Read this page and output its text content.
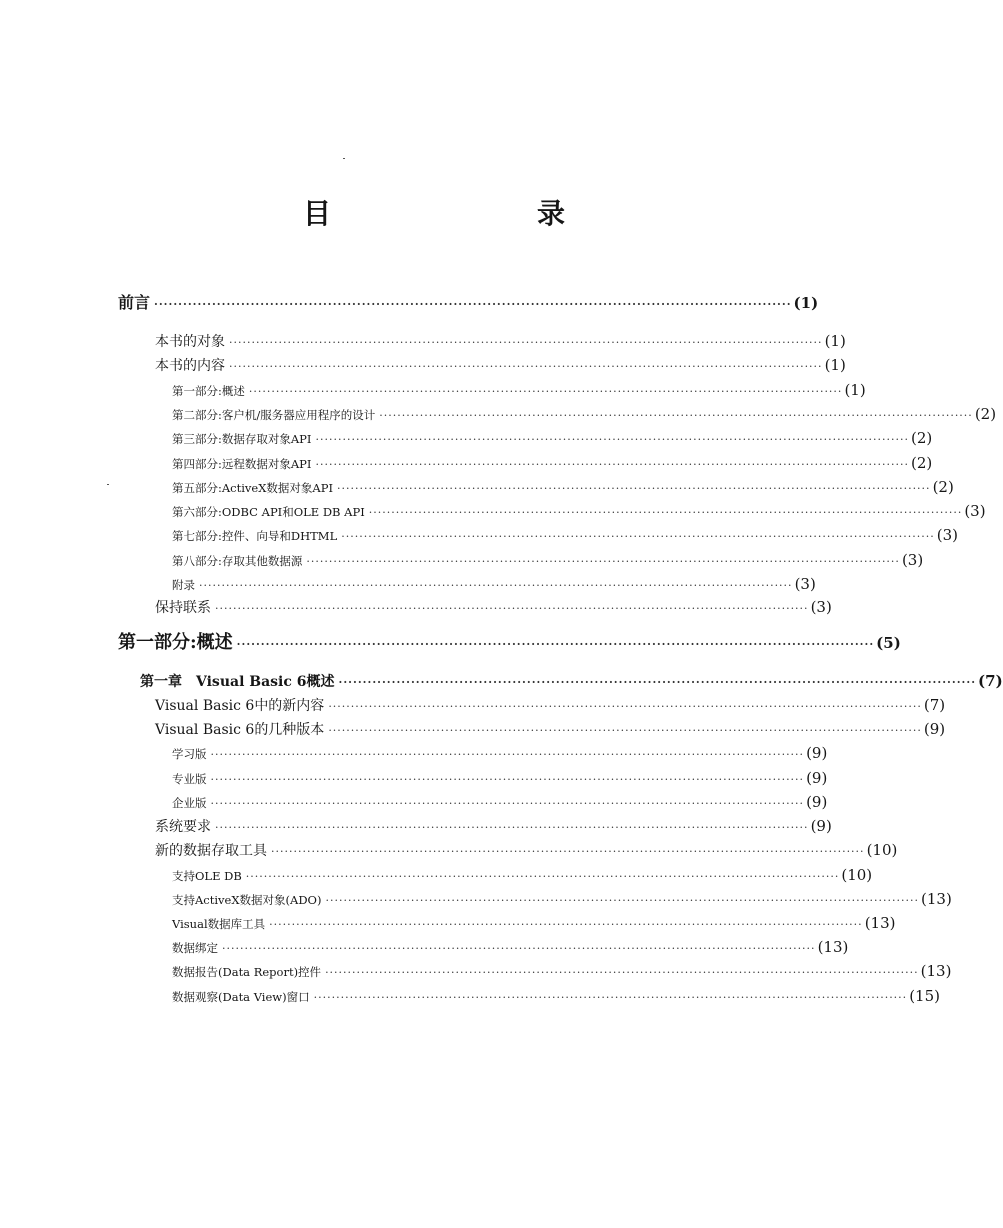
目　　录
前言 ···································································································································· (1)
本书的对象 ···································································································································· (1)
本书的内容 ···································································································································· (1)
第一部分:概述 ···································································································································· (1)
第二部分:客户机/服务器应用程序的设计 ···································································································································· (2)
第三部分:数据存取对象API ···································································································································· (2)
第四部分:远程数据对象API ···································································································································· (2)
第五部分:ActiveX数据对象API ···································································································································· (2)
第六部分:ODBC API和OLE DB API ···································································································································· (3)
第七部分:控件、向导和DHTML ···································································································································· (3)
第八部分:存取其他数据源 ···································································································································· (3)
附录 ···································································································································· (3)
保持联系 ···································································································································· (3)
第一部分:概述 ···································································································································· (5)
第一章　Visual Basic 6概述 ···································································································································· (7)
Visual Basic 6中的新内容 ···································································································································· (7)
Visual Basic 6的几种版本 ···································································································································· (9)
学习版 ···································································································································· (9)
专业版 ···································································································································· (9)
企业版 ···································································································································· (9)
系统要求 ···································································································································· (9)
新的数据存取工具 ···································································································································· (10)
支持OLE DB ···································································································································· (10)
支持ActiveX数据对象(ADO) ···································································································································· (13)
Visual数据库工具 ···································································································································· (13)
数据绑定 ···································································································································· (13)
数据报告(Data Report)控件 ···································································································································· (13)
数据观察(Data View)窗口 ···································································································································· (15)
